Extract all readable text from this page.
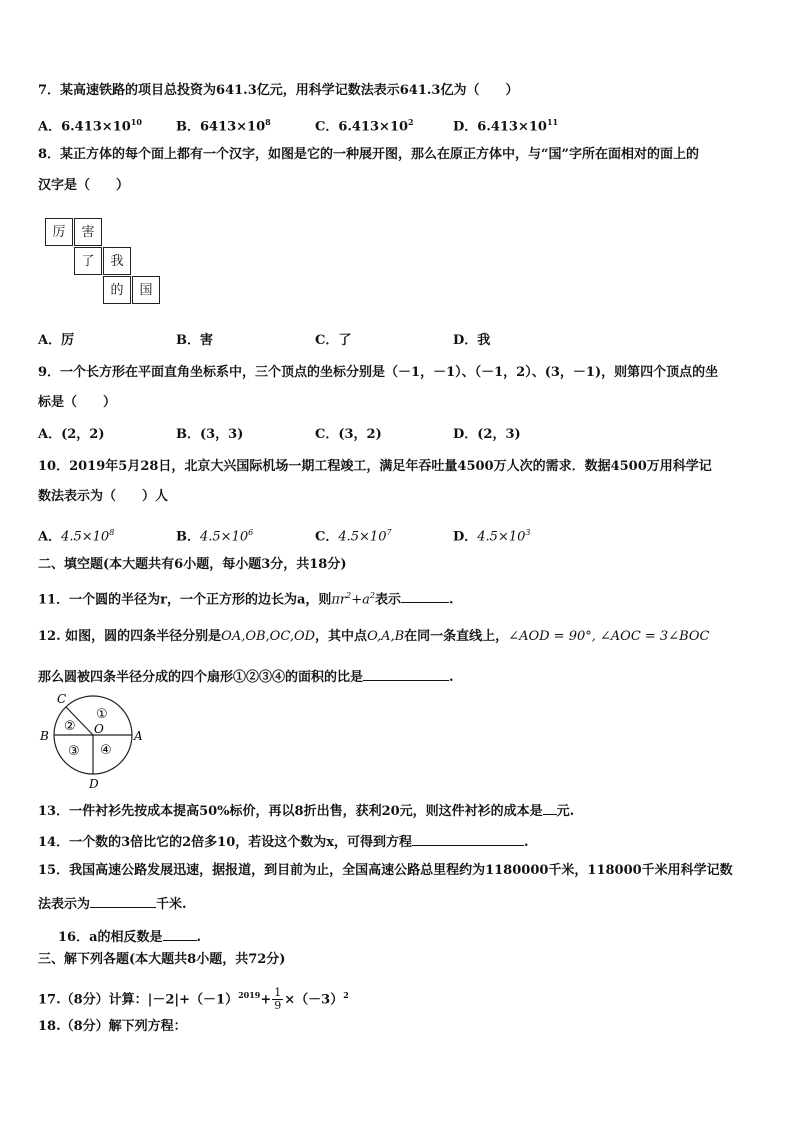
7．某高速铁路的项目总投资为641.3亿元，用科学记数法表示641.3亿为（　　）
A．$6.413\times 10^{10}$	B．$6413\times 10^8$	C．$6.413\times 10^2$	D．$6.413\times 10^{11}$
8．某正方体的每个面上都有一个汉字，如图是它的一种展开图，那么在原正方体中，与“国”字所在面相对的面上的
汉字是（　　）
厉	害
了	我
的	国
A．厉	B．害	C．了	D．我
9．一个长方形在平面直角坐标系中，三个顶点的坐标分别是（－1，－1）、（－1，2）、(3，－1)，则第四个顶点的坐
标是（　　）
A．(2，2)	B．(3，3)	C．(3，2)	D．(2，3)
10．2019年5月28日，北京大兴国际机场一期工程竣工，满足年吞吐量4500万人次的需求．数据4500万用科学记
数法表示为（　　）人
A．$4.5\times 10^8$	B．$4.5\times 10^6$	C．$4.5\times 10^7$	D．$4.5\times 10^3$
二、填空题(本大题共有6小题，每小题3分，共18分)
11．一个圆的半径为r，一个正方形的边长为a，则$\pi r^2+a^2$表示	.
12. 如图，圆的四条半径分别是OA,OB,OC,OD，其中点O,A,B在同一条直线上，∠AOD = 90°, ∠AOC = 3∠BOC
那么圆被四条半径分成的四个扇形①②③④的面积的比是	.
C
B	A
D
O
①
②
③ ④
13．一件衬衫先按成本提高50%标价，再以8折出售，获利20元，则这件衬衫的成本是 元.
14．一个数的3倍比它的2倍多10，若设这个数为x，可得到方程	.
15．我国高速公路发展迅速，据报道，到目前为止，全国高速公路总里程约为1180000千米，118000千米用科学记数
法表示为	千米.
16．a的相反数是	.
三、解下列各题(本大题共8小题，共72分)
17.（8分）计算：$|-2|+(-1)^{2019}+ \frac{1}{9} \times(-3)^2$
18.（8分）解下列方程：
